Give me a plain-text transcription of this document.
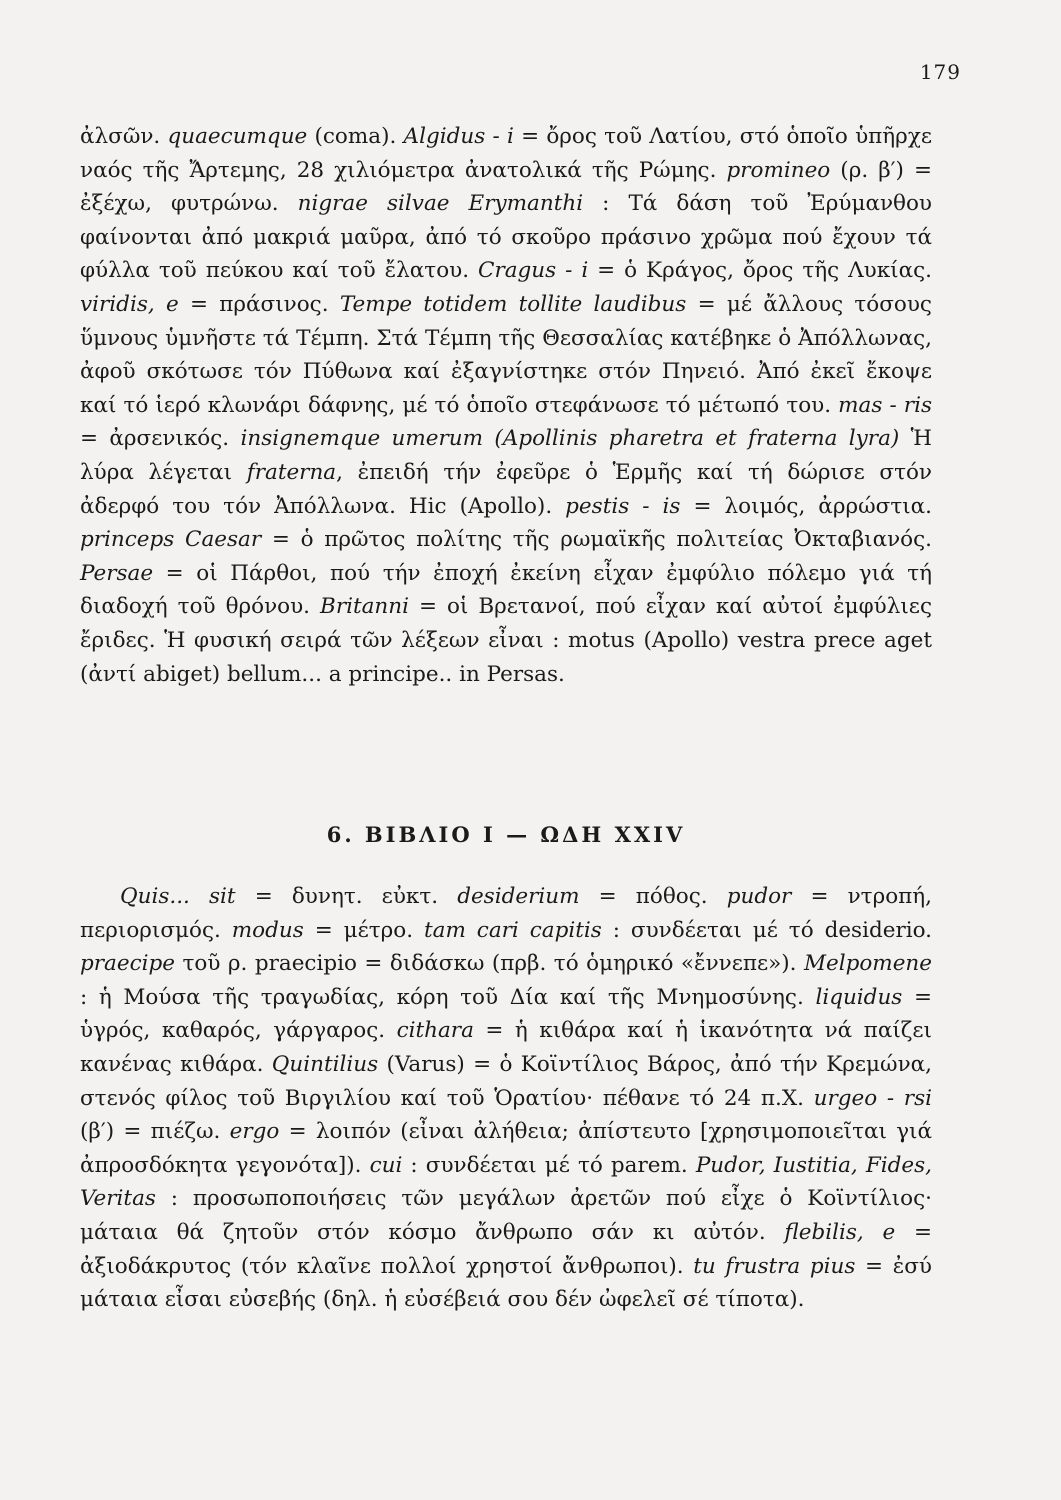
179

ἀλσῶν. quaecumque (coma). Algidus - i = ὄρος τοῦ Λατίου, στό ὁποῖο ὑπῆρχε ναός τῆς Ἄρτεμης, 28 χιλιόμετρα ἀνατολικά τῆς Ρώμης. promineo (ρ. β′) = ἐξέχω, φυτρώνω. nigrae silvae Erymanthi : Τά δάση τοῦ Ἐρύμανθου φαίνονται ἀπό μακριά μαῦρα, ἀπό τό σκοῦρο πράσινο χρῶμα πού ἔχουν τά φύλλα τοῦ πεύκου καί τοῦ ἔλατου. Cragus - i = ὁ Κράγος, ὄρος τῆς Λυκίας. viridis, e = πράσινος. Tempe totidem tollite laudibus = μέ ἄλλους τόσους ὕμνους ὑμνῆστε τά Τέμπη. Στά Τέμπη τῆς Θεσσαλίας κατέβηκε ὁ Ἀπόλλωνας, ἀφοῦ σκότωσε τόν Πύθωνα καί ἐξαγνίστηκε στόν Πηνειό. Ἀπό ἐκεῖ ἔκοψε καί τό ἱερό κλωνάρι δάφνης, μέ τό ὁποῖο στεφάνωσε τό μέτωπό του. mas - ris = ἀρσενικός. insignemque umerum (Apollinis pharetra et fraterna lyra) Ἡ λύρα λέγεται fraterna, ἐπειδή τήν ἐφεῦρε ὁ Ἑρμῆς καί τή δώρισε στόν ἀδερφό του τόν Ἀπόλλωνα. Hic (Apollo). pestis - is = λοιμός, ἀρρώστια. princeps Caesar = ὁ πρῶτος πολίτης τῆς ρωμαϊκῆς πολιτείας Ὀκταβιανός. Persae = οἱ Πάρθοι, πού τήν ἐποχή ἐκείνη εἶχαν ἐμφύλιο πόλεμο γιά τή διαδοχή τοῦ θρόνου. Britanni = οἱ Βρετανοί, πού εἶχαν καί αὐτοί ἐμφύλιες ἔριδες. Ἡ φυσική σειρά τῶν λέξεων εἶναι : motus (Apollo) vestra prece aget (ἀντί abiget) bellum... a principe.. in Persas.

6. ΒΙΒΛΙΟ I — ΩΔΗ XXIV

Quis... sit = δυνητ. εὐκτ. desiderium = πόθος. pudor = ντροπή, περιορισμός. modus = μέτρο. tam cari capitis : συνδέεται μέ τό desiderio. praecipe τοῦ ρ. praecipio = διδάσκω (πρβ. τό ὁμηρικό «ἔννεπε»). Melpomene : ἡ Μούσα τῆς τραγωδίας, κόρη τοῦ Δία καί τῆς Μνημοσύνης. liquidus = ὑγρός, καθαρός, γάργαρος. cithara = ἡ κιθάρα καί ἡ ἱκανότητα νά παίζει κανένας κιθάρα. Quintilius (Varus) = ὁ Κοϊντίλιος Βάρος, ἀπό τήν Κρεμώνα, στενός φίλος τοῦ Βιργιλίου καί τοῦ Ὁρατίου· πέθανε τό 24 π.Χ. urgeo - rsi (β′) = πιέζω. ergo = λοιπόν (εἶναι ἀλήθεια; ἀπίστευτο [χρησιμοποιεῖται γιά ἀπροσδόκητα γεγονότα]). cui : συνδέεται μέ τό parem. Pudor, Iustitia, Fides, Veritas : προσωποποιήσεις τῶν μεγάλων ἀρετῶν πού εἶχε ὁ Κοϊντίλιος· μάταια θά ζητοῦν στόν κόσμο ἄνθρωπο σάν κι αὐτόν. flebilis, e = ἀξιοδάκρυτος (τόν κλαῖνε πολλοί χρηστοί ἄνθρωποι). tu frustra pius = ἐσύ μάταια εἶσαι εὐσεβής (δηλ. ἡ εὐσέβειά σου δέν ὠφελεῖ σέ τίποτα).
